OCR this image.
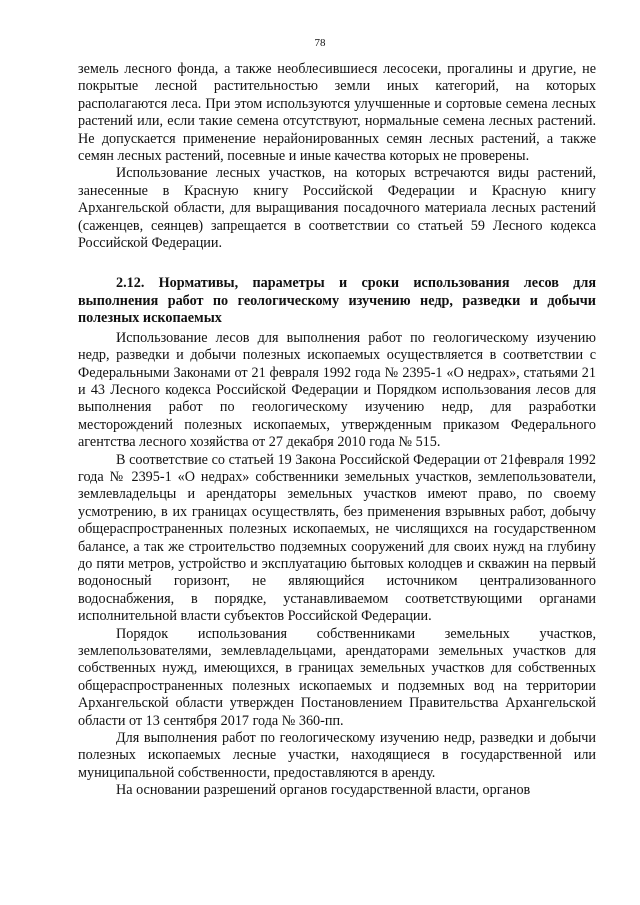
78

земель лесного фонда, а также необлесившиеся лесосеки, прогалины и другие, не покрытые лесной растительностью земли иных категорий, на которых располагаются леса. При этом используются улучшенные и сортовые семена лесных растений или, если такие семена отсутствуют, нормальные семена лесных растений. Не допускается применение нерайонированных семян лесных растений, а также семян лесных растений, посевные и иные качества которых не проверены.

Использование лесных участков, на которых встречаются виды растений, занесенные в Красную книгу Российской Федерации и Красную книгу Архангельской области, для выращивания посадочного материала лесных растений (саженцев, сеянцев) запрещается в соответствии со статьей 59 Лесного кодекса Российской Федерации.

2.12. Нормативы, параметры и сроки использования лесов для выполнения работ по геологическому изучению недр, разведки и добычи полезных ископаемых

Использование лесов для выполнения работ по геологическому изучению недр, разведки и добычи полезных ископаемых осуществляется в соответствии с Федеральными Законами от 21 февраля 1992 года № 2395-1 «О недрах», статьями 21 и 43 Лесного кодекса Российской Федерации и Порядком использования лесов для выполнения работ по геологическому изучению недр, для разработки месторождений полезных ископаемых, утвержденным приказом Федерального агентства лесного хозяйства от 27 декабря 2010 года № 515.

В соответствие со статьей 19 Закона Российской Федерации от 21февраля 1992 года № 2395-1 «О недрах» собственники земельных участков, землепользователи, землевладельцы и арендаторы земельных участков имеют право, по своему усмотрению, в их границах осуществлять, без применения взрывных работ, добычу общераспространенных полезных ископаемых, не числящихся на государственном балансе, а так же строительство подземных сооружений для своих нужд на глубину до пяти метров, устройство и эксплуатацию бытовых колодцев и скважин на первый водоносный горизонт, не являющийся источником централизованного водоснабжения, в порядке, устанавливаемом соответствующими органами исполнительной власти субъектов Российской Федерации.

Порядок использования собственниками земельных участков, землепользователями, землевладельцами, арендаторами земельных участков для собственных нужд, имеющихся, в границах земельных участков для собственных общераспространенных полезных ископаемых и подземных вод на территории Архангельской области утвержден Постановлением Правительства Архангельской области от 13 сентября 2017 года № 360-пп.

Для выполнения работ по геологическому изучению недр, разведки и добычи полезных ископаемых лесные участки, находящиеся в государственной или муниципальной собственности, предоставляются в аренду.

На основании разрешений органов государственной власти, органов
